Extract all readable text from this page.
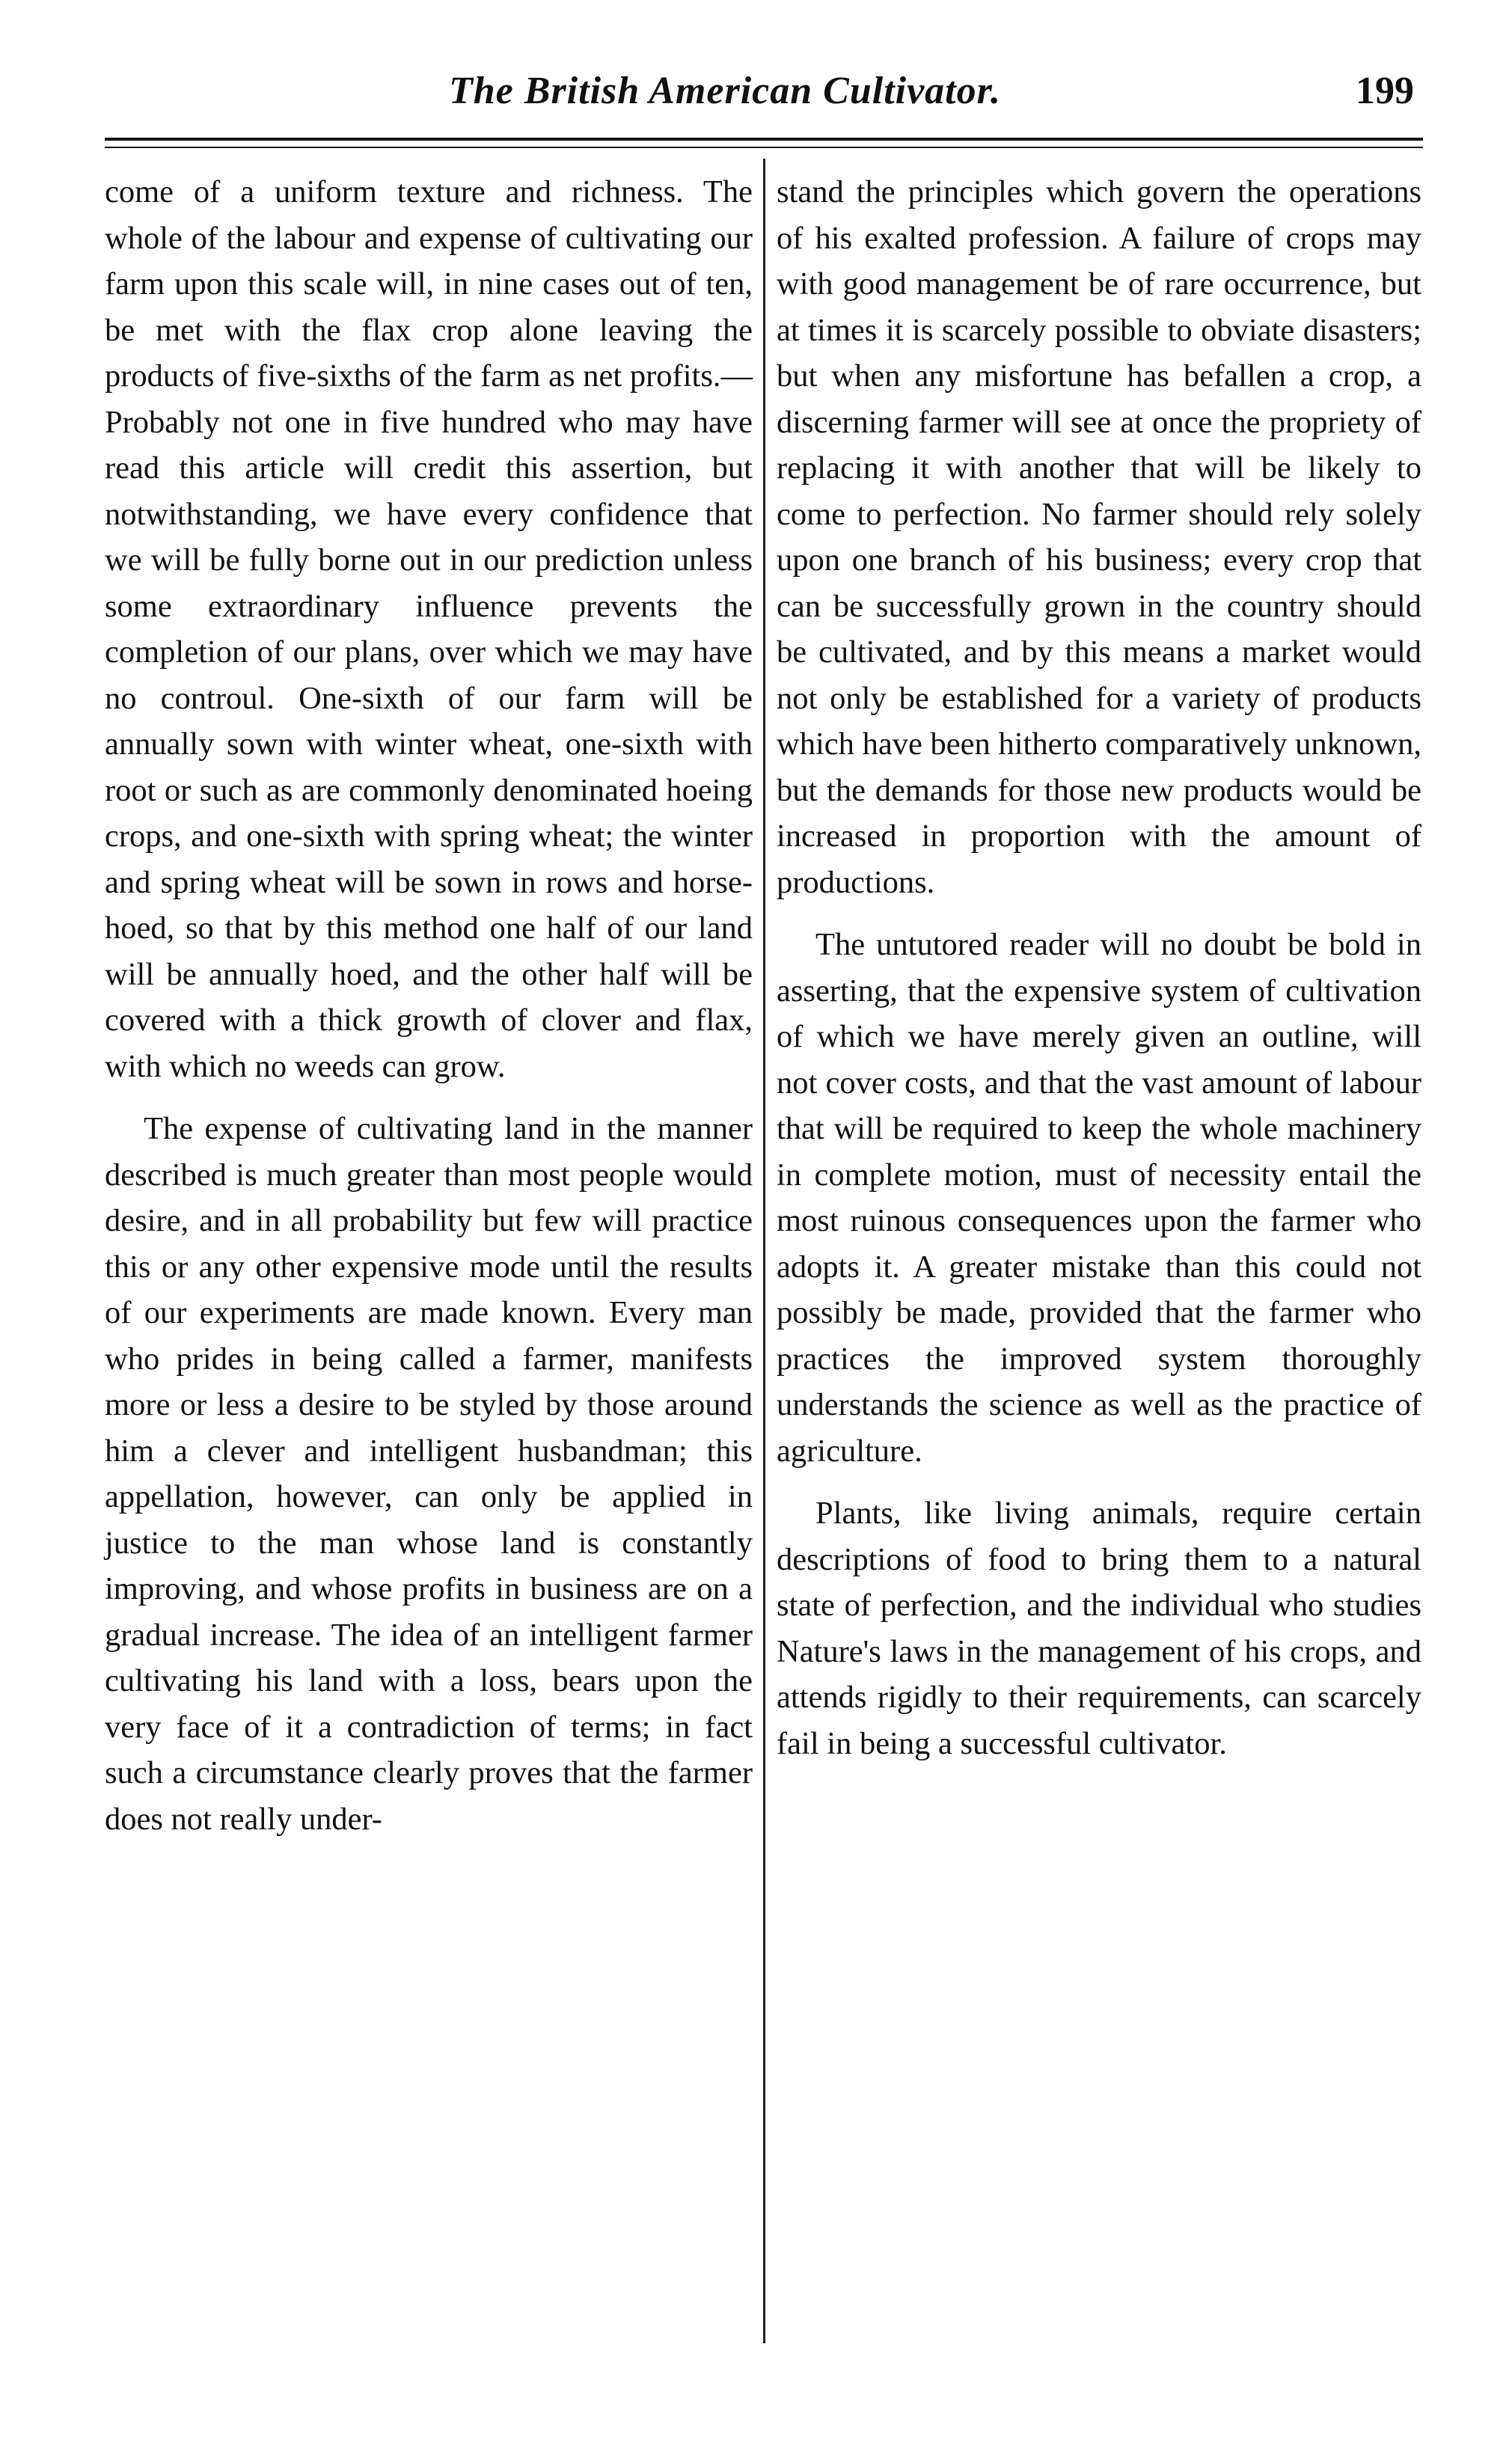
The British American Cultivator.	199

come of a uniform texture and richness. The whole of the labour and expense of cultivating our farm upon this scale will, in nine cases out of ten, be met with the flax crop alone leaving the products of five-sixths of the farm as net profits.— Probably not one in five hundred who may have read this article will credit this assertion, but notwithstanding, we have every confidence that we will be fully borne out in our prediction unless some extraordinary influence prevents the completion of our plans, over which we may have no controul. One-sixth of our farm will be annually sown with winter wheat, one-sixth with root or such as are commonly denominated hoeing crops, and one-sixth with spring wheat; the winter and spring wheat will be sown in rows and horse-hoed, so that by this method one half of our land will be annually hoed, and the other half will be covered with a thick growth of clover and flax, with which no weeds can grow.

The expense of cultivating land in the manner described is much greater than most people would desire, and in all probability but few will practice this or any other expensive mode until the results of our experiments are made known. Every man who prides in being called a farmer, manifests more or less a desire to be styled by those around him a clever and intelligent husbandman; this appellation, however, can only be applied in justice to the man whose land is constantly improving, and whose profits in business are on a gradual increase. The idea of an intelligent farmer cultivating his land with a loss, bears upon the very face of it a contradiction of terms; in fact such a circumstance clearly proves that the farmer does not really under-

stand the principles which govern the operations of his exalted profession. A failure of crops may with good management be of rare occurrence, but at times it is scarcely possible to obviate disasters; but when any misfortune has befallen a crop, a discerning farmer will see at once the propriety of replacing it with another that will be likely to come to perfection. No farmer should rely solely upon one branch of his business; every crop that can be successfully grown in the country should be cultivated, and by this means a market would not only be established for a variety of products which have been hitherto comparatively unknown, but the demands for those new products would be increased in proportion with the amount of productions.

The untutored reader will no doubt be bold in asserting, that the expensive system of cultivation of which we have merely given an outline, will not cover costs, and that the vast amount of labour that will be required to keep the whole machinery in complete motion, must of necessity entail the most ruinous consequences upon the farmer who adopts it. A greater mistake than this could not possibly be made, provided that the farmer who practices the improved system thoroughly understands the science as well as the practice of agriculture.

Plants, like living animals, require certain descriptions of food to bring them to a natural state of perfection, and the individual who studies Nature's laws in the management of his crops, and attends rigidly to their requirements, can scarcely fail in being a successful cultivator.
